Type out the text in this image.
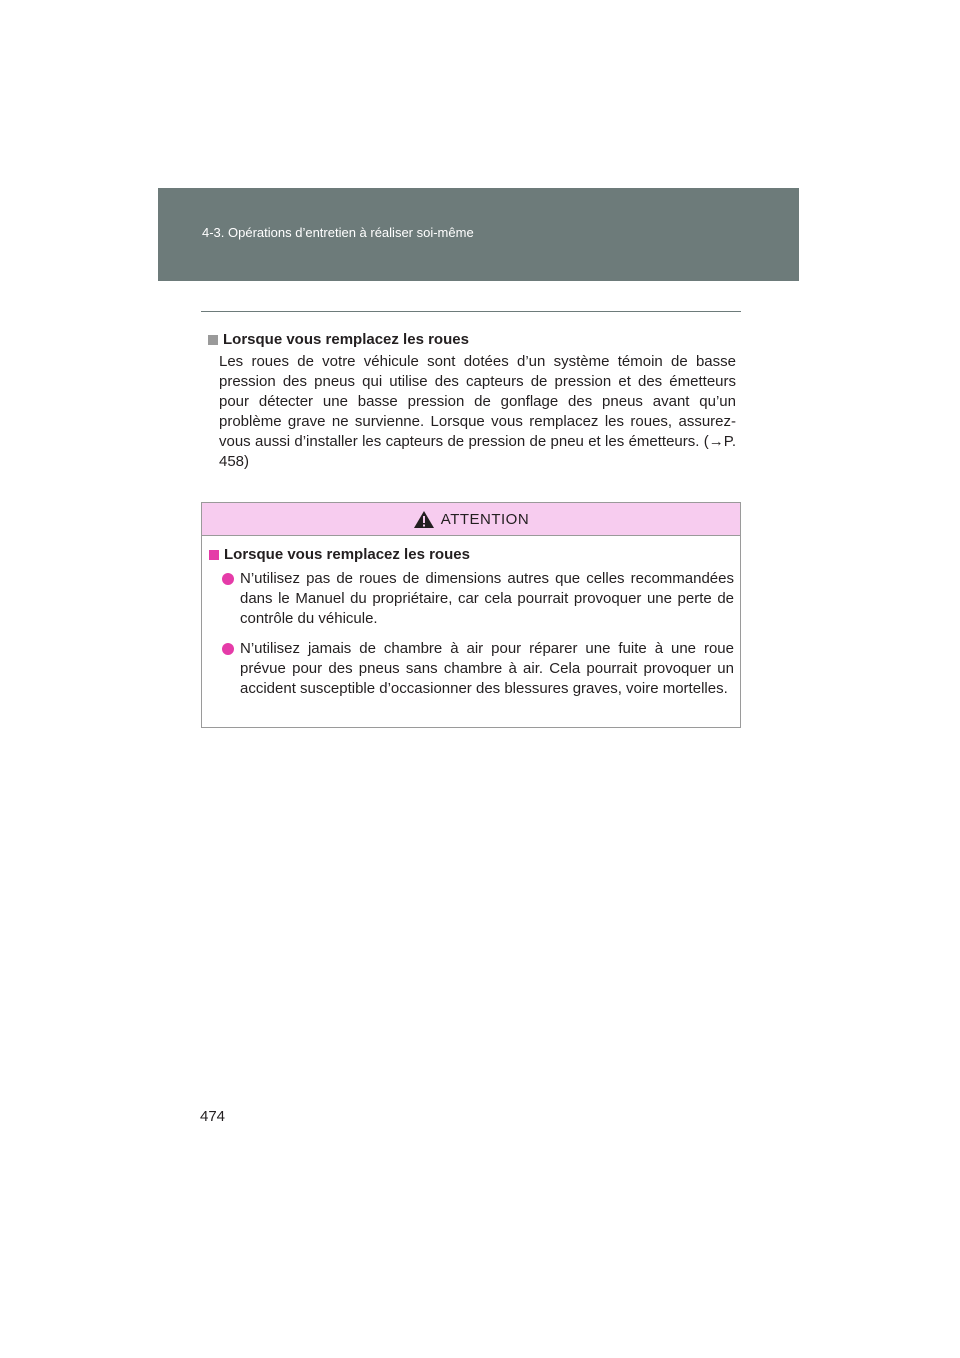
4-3. Opérations d’entretien à réaliser soi-même
Lorsque vous remplacez les roues

Les roues de votre véhicule sont dotées d’un système témoin de basse pression des pneus qui utilise des capteurs de pression et des émetteurs pour détecter une basse pression de gonflage des pneus avant qu’un problème grave ne survienne. Lorsque vous remplacez les roues, assurez-vous aussi d’installer les capteurs de pression de pneu et les émetteurs. (→P. 458)

ATTENTION
Lorsque vous remplacez les roues
N’utilisez pas de roues de dimensions autres que celles recommandées dans le Manuel du propriétaire, car cela pourrait provoquer une perte de contrôle du véhicule.
N’utilisez jamais de chambre à air pour réparer une fuite à une roue prévue pour des pneus sans chambre à air. Cela pourrait provoquer un accident susceptible d’occasionner des blessures graves, voire mortelles.
474
